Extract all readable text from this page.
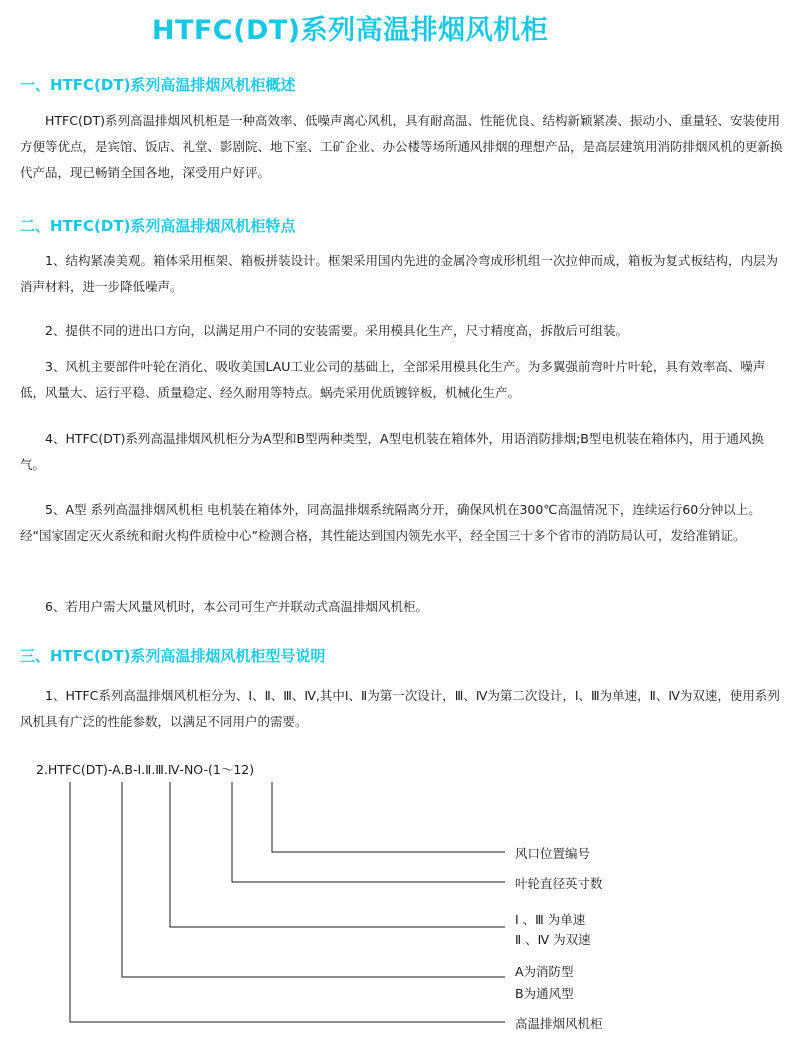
HTFC(DT)系列高温排烟风机柜
一、HTFC(DT)系列高温排烟风机柜概述

HTFC(DT)系列高温排烟风机柜是一种高效率、低噪声离心风机，具有耐高温、性能优良、结构新颖紧凑、振动小、重量轻、安装使用方便等优点，是宾馆、饭店、礼堂、影剧院、地下室、工矿企业、办公楼等场所通风排烟的理想产品，是高层建筑用消防排烟风机的更新换代产品，现已畅销全国各地，深受用户好评。

二、HTFC(DT)系列高温排烟风机柜特点

1、结构紧凑美观。箱体采用框架、箱板拼装设计。框架采用国内先进的金属冷弯成形机组一次拉伸而成，箱板为复式板结构，内层为消声材料，进一步降低噪声。

2、提供不同的进出口方向，以满足用户不同的安装需要。采用模具化生产，尺寸精度高，拆散后可组装。

3、风机主要部件叶轮在消化、吸收美国LAU工业公司的基础上，全部采用模具化生产。为多翼强前弯叶片叶轮，具有效率高、噪声低，风量大、运行平稳、质量稳定、经久耐用等特点。蜗壳采用优质镀锌板，机械化生产。

4、HTFC(DT)系列高温排烟风机柜分为A型和B型两种类型，A型电机装在箱体外，用语消防排烟;B型电机装在箱体内，用于通风换气。

5、A型 系列高温排烟风机柜 电机装在箱体外，同高温排烟系统隔离分开，确保风机在300℃高温情况下，连续运行60分钟以上。经“国家固定灭火系统和耐火构件质检中心”检测合格，其性能达到国内领先水平，经全国三十多个省市的消防局认可，发给准销证。

6、若用户需大风量风机时，本公司可生产并联动式高温排烟风机柜。

三、HTFC(DT)系列高温排烟风机柜型号说明

1、HTFC系列高温排烟风机柜分为、Ⅰ、Ⅱ、Ⅲ、Ⅳ,其中Ⅰ、Ⅱ为第一次设计，Ⅲ、Ⅳ为第二次设计，Ⅰ、Ⅲ为单速，Ⅱ、Ⅳ为双速，使用系列风机具有广泛的性能参数，以满足不同用户的需要。

2.HTFC(DT)-A.B-Ⅰ.Ⅱ.Ⅲ.Ⅳ-NO-(1～12)
风口位置编号
叶轮直径英寸数
Ⅰ 、Ⅲ 为单速
Ⅱ 、Ⅳ 为双速
A为消防型
B为通风型
高温排烟风机柜
